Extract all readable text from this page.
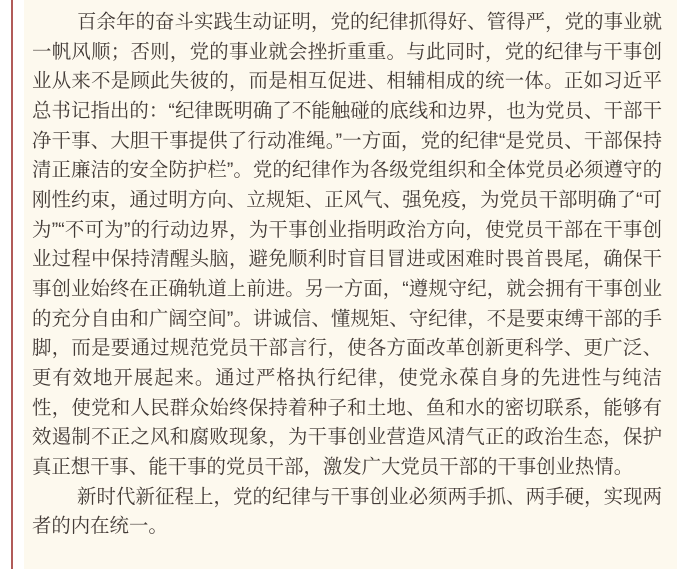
百余年的奋斗实践生动证明，党的纪律抓得好、管得严，党的事业就一帆风顺；否则，党的事业就会挫折重重。与此同时，党的纪律与干事创业从来不是顾此失彼的，而是相互促进、相辅相成的统一体。正如习近平总书记指出的：“纪律既明确了不能触碰的底线和边界，也为党员、干部干净干事、大胆干事提供了行动准绳。”一方面，党的纪律“是党员、干部保持清正廉洁的安全防护栏”。党的纪律作为各级党组织和全体党员必须遵守的刚性约束，通过明方向、立规矩、正风气、强免疫，为党员干部明确了“可为”“不可为”的行动边界，为干事创业指明政治方向，使党员干部在干事创业过程中保持清醒头脑，避免顺利时盲目冒进或困难时畏首畏尾，确保干事创业始终在正确轨道上前进。另一方面，“遵规守纪，就会拥有干事创业的充分自由和广阔空间”。讲诚信、懂规矩、守纪律，不是要束缚干部的手脚，而是要通过规范党员干部言行，使各方面改革创新更科学、更广泛、更有效地开展起来。通过严格执行纪律，使党永葆自身的先进性与纯洁性，使党和人民群众始终保持着种子和土地、鱼和水的密切联系，能够有效遏制不正之风和腐败现象，为干事创业营造风清气正的政治生态，保护真正想干事、能干事的党员干部，激发广大党员干部的干事创业热情。

新时代新征程上，党的纪律与干事创业必须两手抓、两手硬，实现两者的内在统一。
